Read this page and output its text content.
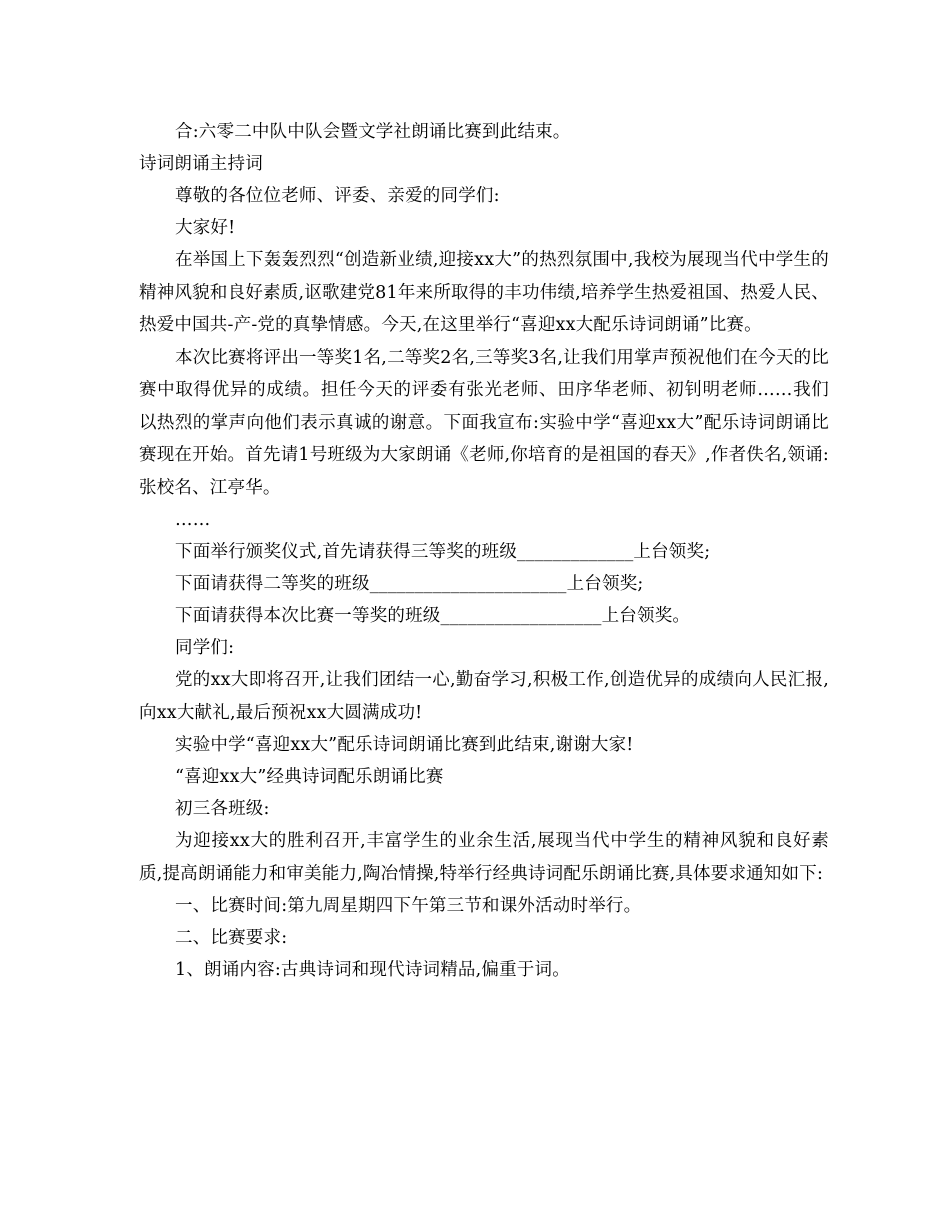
合:六零二中队中队会暨文学社朗诵比赛到此结束。
诗词朗诵主持词
尊敬的各位位老师、评委、亲爱的同学们:
大家好!

在举国上下轰轰烈烈“创造新业绩,迎接xx大”的热烈氛围中,我校为展现当代中学生的精神风貌和良好素质,讴歌建党81年来所取得的丰功伟绩,培养学生热爱祖国、热爱人民、热爱中国共-产-党的真挚情感。今天,在这里举行“喜迎xx大配乐诗词朗诵”比赛。

本次比赛将评出一等奖1名,二等奖2名,三等奖3名,让我们用掌声预祝他们在今天的比赛中取得优异的成绩。担任今天的评委有张光老师、田序华老师、初钊明老师……我们以热烈的掌声向他们表示真诚的谢意。下面我宣布:实验中学“喜迎xx大”配乐诗词朗诵比赛现在开始。首先请1号班级为大家朗诵《老师,你培育的是祖国的春天》,作者佚名,领诵:张校名、江亭华。

……
下面举行颁奖仪式,首先请获得三等奖的班级_____________上台领奖;
下面请获得二等奖的班级______________________上台领奖;
下面请获得本次比赛一等奖的班级__________________上台领奖。
同学们:

党的xx大即将召开,让我们团结一心,勤奋学习,积极工作,创造优异的成绩向人民汇报,向xx大献礼,最后预祝xx大圆满成功!

实验中学“喜迎xx大”配乐诗词朗诵比赛到此结束,谢谢大家!
“喜迎xx大”经典诗词配乐朗诵比赛
初三各班级:

为迎接xx大的胜利召开,丰富学生的业余生活,展现当代中学生的精神风貌和良好素质,提高朗诵能力和审美能力,陶冶情操,特举行经典诗词配乐朗诵比赛,具体要求通知如下:

一、比赛时间:第九周星期四下午第三节和课外活动时举行。
二、比赛要求:
1、朗诵内容:古典诗词和现代诗词精品,偏重于词。
